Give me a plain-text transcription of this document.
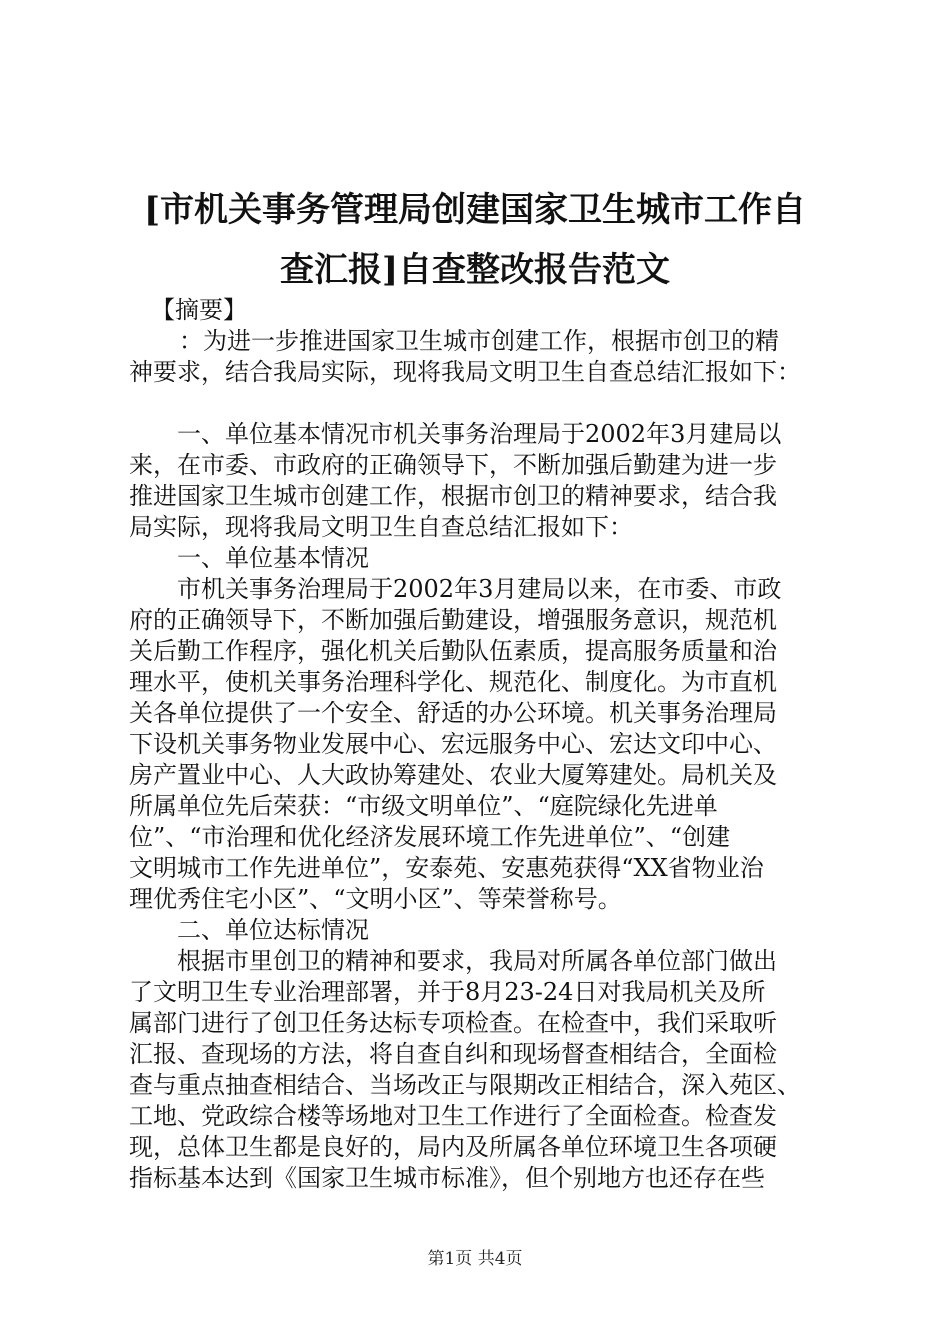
[市机关事务管理局创建国家卫生城市工作自
查汇报]自查整改报告范文
【摘要】
：为进一步推进国家卫生城市创建工作，根据市创卫的精
神要求，结合我局实际，现将我局文明卫生自查总结汇报如下：
一、单位基本情况市机关事务治理局于2002年3月建局以
来，在市委、市政府的正确领导下，不断加强后勤建为进一步
推进国家卫生城市创建工作，根据市创卫的精神要求，结合我
局实际，现将我局文明卫生自查总结汇报如下：
一、单位基本情况
市机关事务治理局于2002年3月建局以来，在市委、市政
府的正确领导下，不断加强后勤建设，增强服务意识，规范机
关后勤工作程序，强化机关后勤队伍素质，提高服务质量和治
理水平，使机关事务治理科学化、规范化、制度化。为市直机
关各单位提供了一个安全、舒适的办公环境。机关事务治理局
下设机关事务物业发展中心、宏远服务中心、宏达文印中心、
房产置业中心、人大政协筹建处、农业大厦筹建处。局机关及
所属单位先后荣获：“市级文明单位”、“庭院绿化先进单
位”、“市治理和优化经济发展环境工作先进单位”、“创建
文明城市工作先进单位”，安泰苑、安惠苑获得“XX省物业治
理优秀住宅小区”、“文明小区”、等荣誉称号。
二、单位达标情况
根据市里创卫的精神和要求，我局对所属各单位部门做出
了文明卫生专业治理部署，并于8月23-24日对我局机关及所
属部门进行了创卫任务达标专项检查。在检查中，我们采取听
汇报、查现场的方法，将自查自纠和现场督查相结合，全面检
查与重点抽查相结合、当场改正与限期改正相结合，深入苑区、
工地、党政综合楼等场地对卫生工作进行了全面检查。检查发
现，总体卫生都是良好的，局内及所属各单位环境卫生各项硬
指标基本达到《国家卫生城市标准》，但个别地方也还存在些
第1页 共4页
